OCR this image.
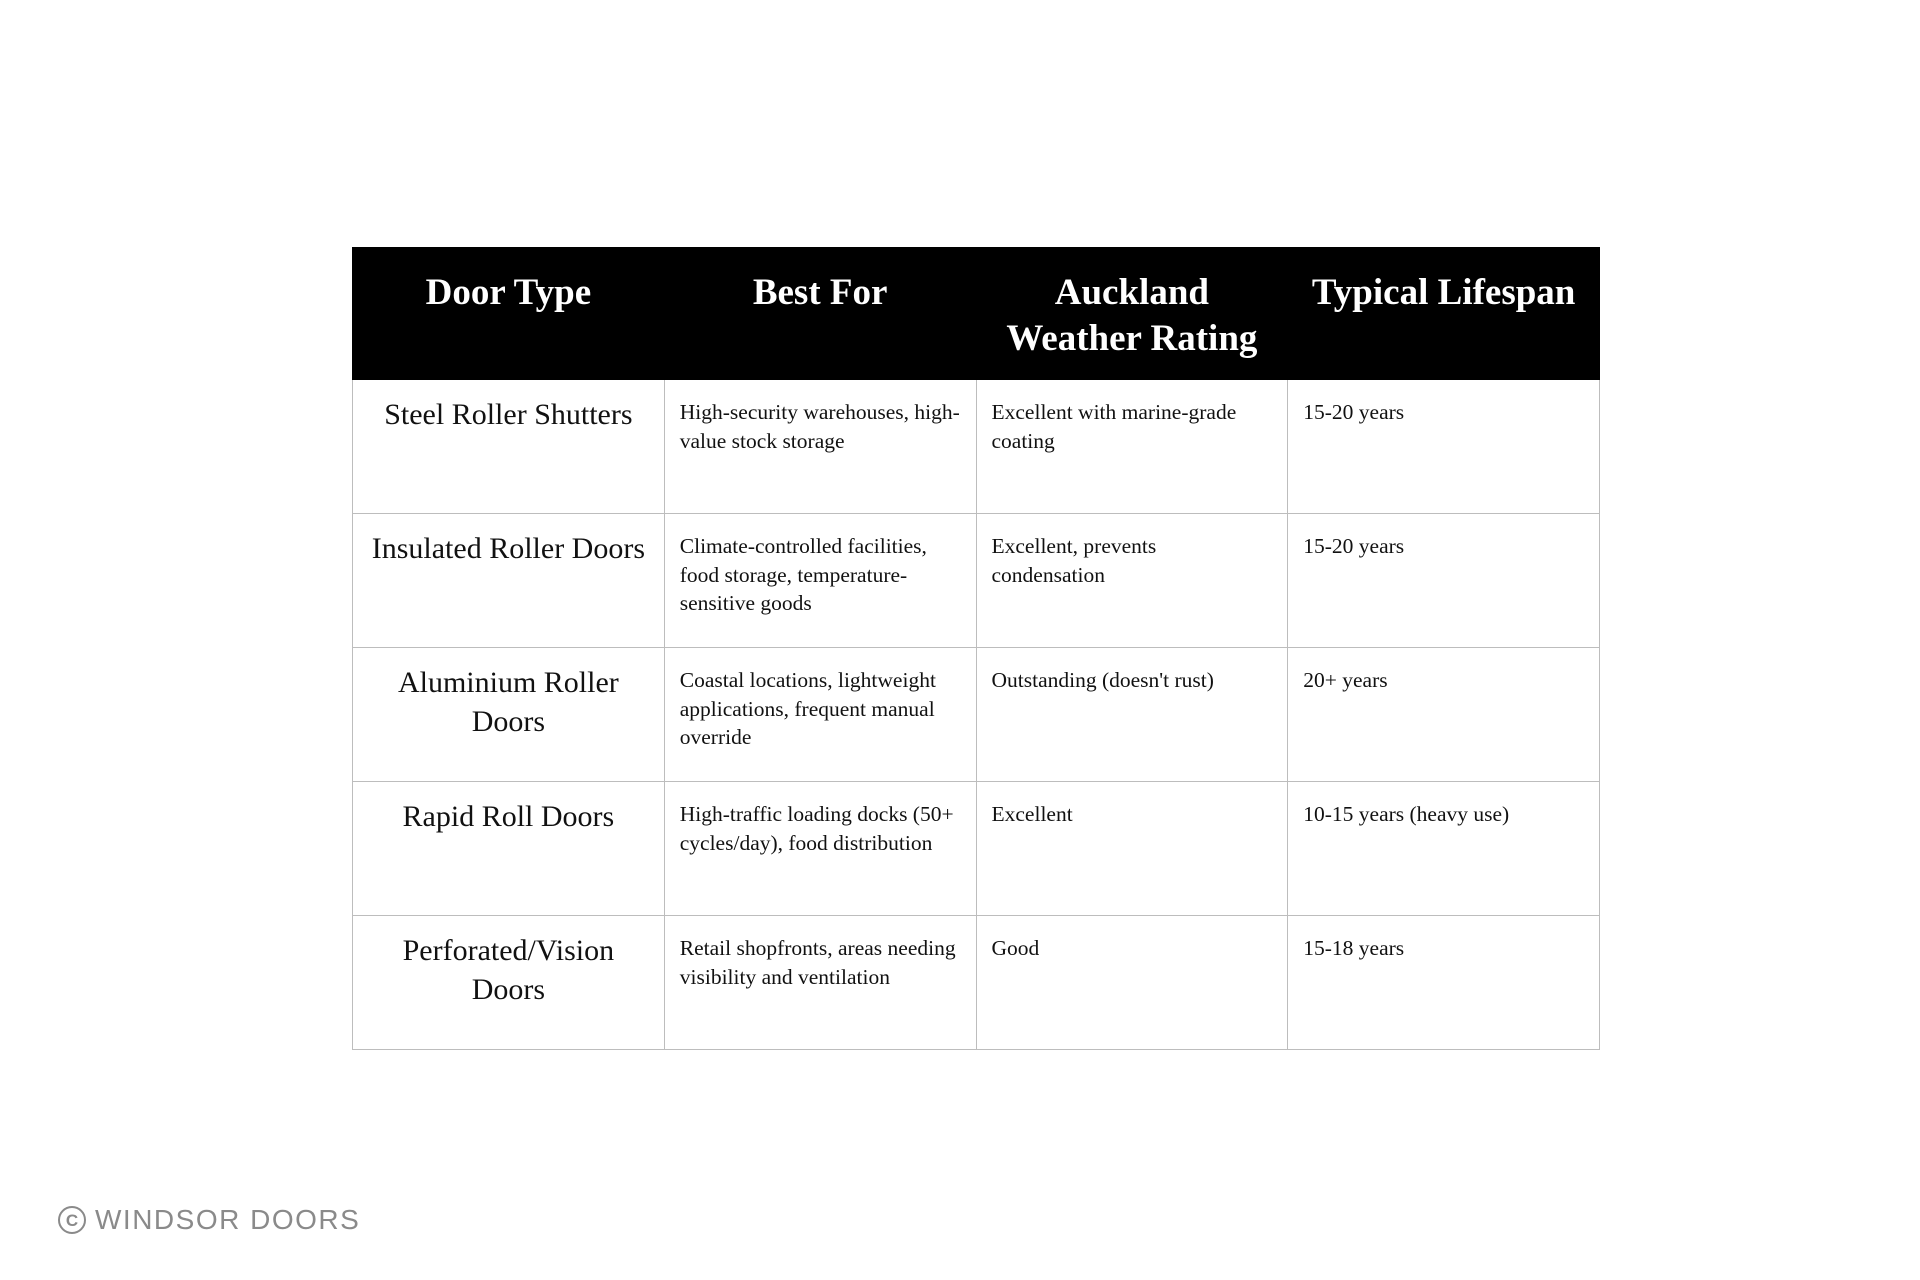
Door Type	Best For	Auckland Weather Rating	Typical Lifespan
Steel Roller Shutters	High-security warehouses, high-value stock storage	Excellent with marine-grade coating	15-20 years
Insulated Roller Doors	Climate-controlled facilities, food storage, temperature-sensitive goods	Excellent, prevents condensation	15-20 years
Aluminium Roller Doors	Coastal locations, lightweight applications, frequent manual override	Outstanding (doesn't rust)	20+ years
Rapid Roll Doors	High-traffic loading docks (50+ cycles/day), food distribution	Excellent	10-15 years (heavy use)
Perforated/Vision Doors	Retail shopfronts, areas needing visibility and ventilation	Good	15-18 years
C WINDSOR DOORS
